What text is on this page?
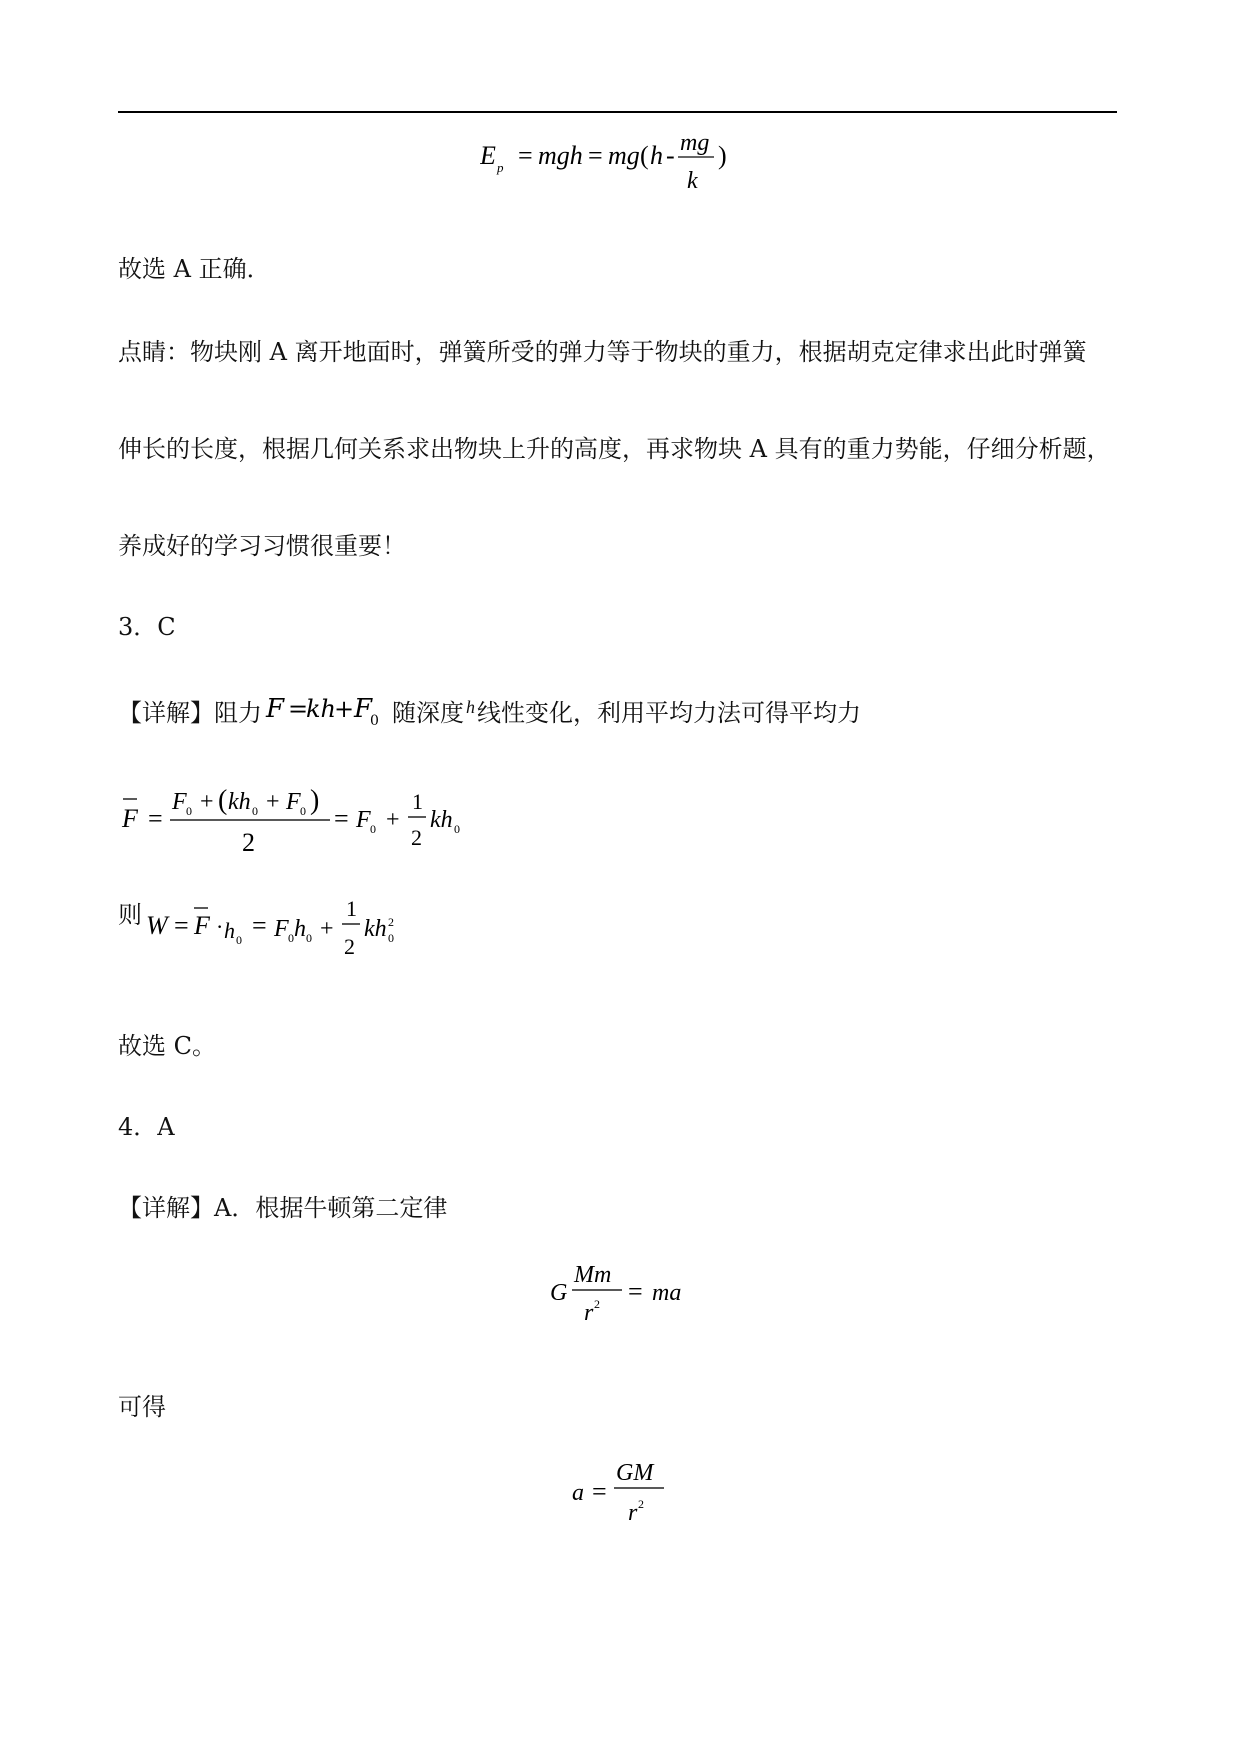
E p = mgh = mg ( h - mg
k
)
故选 A 正确．
点睛：物块刚 A 离开地面时，弹簧所受的弹力等于物块的重力，根据胡克定律求出此时弹簧
伸长的长度，根据几何关系求出物块上升的高度，再求物块 A 具有的重力势能，仔细分析题，
养成好的学习习惯很重要！
3．C
【详解】阻力 F =
kh
+ F
0 随深度 $^h$线性变化，利用平均力法可得平均力
F =
F 0 + ( kh 0 + F 0 )
2
= F 0 +
1
2
kh 0
则 W = F · h 0 = F 0 h 0 +
1
2
kh 2
0
故选 C。
4．A
【详解】A．根据牛顿第二定律
G
Mm
r 2 = ma
可得
a =
GM
r 2
